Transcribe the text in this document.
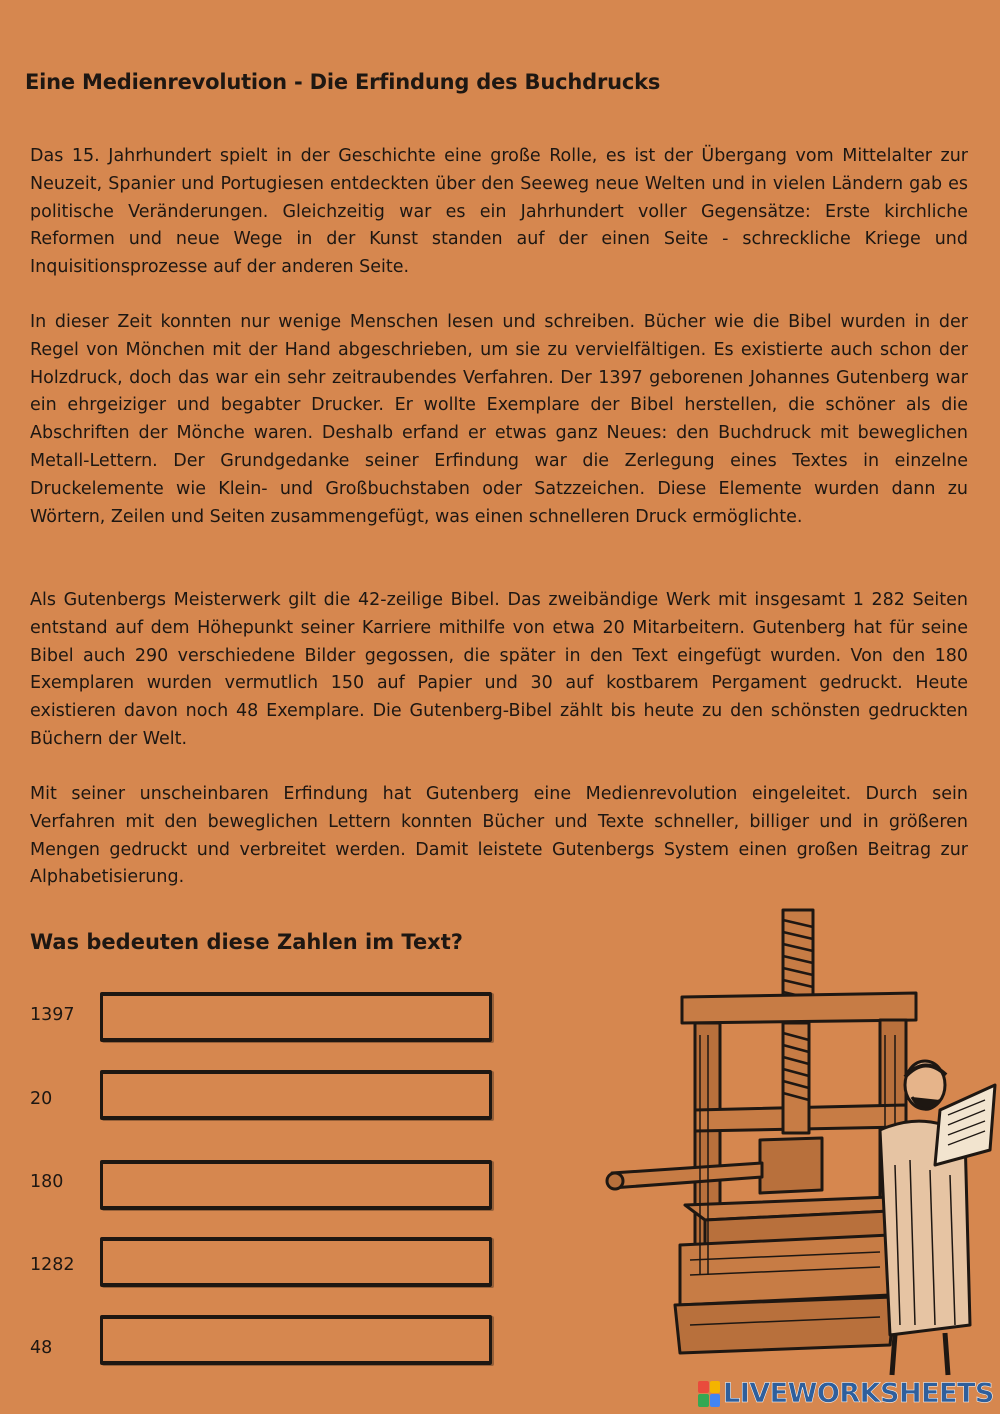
Eine Medienrevolution - Die Erfindung des Buchdrucks

Das 15. Jahrhundert spielt in der Geschichte eine große Rolle, es ist der Übergang vom Mittelalter zur Neuzeit, Spanier und Portugiesen entdeckten über den Seeweg neue Welten und in vielen Ländern gab es politische Veränderungen. Gleichzeitig war es ein Jahrhundert voller Gegensätze: Erste kirchliche Reformen und neue Wege in der Kunst standen auf der einen Seite - schreckliche Kriege und Inquisitionsprozesse auf der anderen Seite.

In dieser Zeit konnten nur wenige Menschen lesen und schreiben. Bücher wie die Bibel wurden in der Regel von Mönchen mit der Hand abgeschrieben, um sie zu vervielfältigen. Es existierte auch schon der Holzdruck, doch das war ein sehr zeitraubendes Verfahren. Der 1397 geborenen Johannes Gutenberg war ein ehrgeiziger und begabter Drucker. Er wollte Exemplare der Bibel herstellen, die schöner als die Abschriften der Mönche waren. Deshalb erfand er etwas ganz Neues: den Buchdruck mit beweglichen Metall-Lettern. Der Grundgedanke seiner Erfindung war die Zerlegung eines Textes in einzelne Druckelemente wie Klein- und Großbuchstaben oder Satzzeichen. Diese Elemente wurden dann zu Wörtern, Zeilen und Seiten zusammengefügt, was einen schnelleren Druck ermöglichte.

Als Gutenbergs Meisterwerk gilt die 42-zeilige Bibel. Das zweibändige Werk mit insgesamt 1 282 Seiten entstand auf dem Höhepunkt seiner Karriere mithilfe von etwa 20 Mitarbeitern. Gutenberg hat für seine Bibel auch 290 verschiedene Bilder gegossen, die später in den Text eingefügt wurden. Von den 180 Exemplaren wurden vermutlich 150 auf Papier und 30 auf kostbarem Pergament gedruckt. Heute existieren davon noch 48 Exemplare. Die Gutenberg-Bibel zählt bis heute zu den schönsten gedruckten Büchern der Welt.

Mit seiner unscheinbaren Erfindung hat Gutenberg eine Medienrevolution eingeleitet. Durch sein Verfahren mit den beweglichen Lettern konnten Bücher und Texte schneller, billiger und in größeren Mengen gedruckt und verbreitet werden. Damit leistete Gutenbergs System einen großen Beitrag zur Alphabetisierung.

Was bedeuten diese Zahlen im Text?
1397
20
180
1282
48
LIVEWORKSHEETS
